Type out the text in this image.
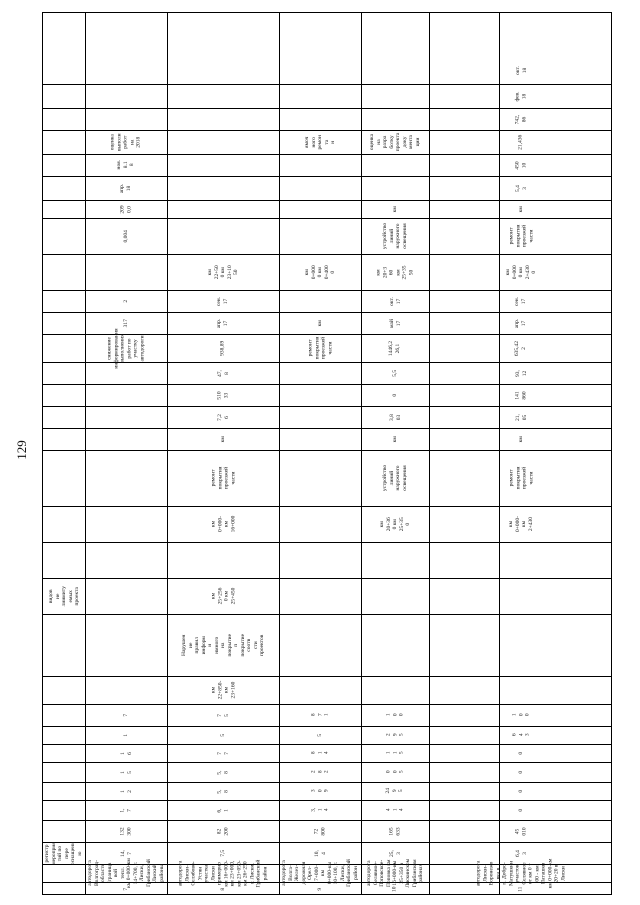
129
регистр
мероприя
тий по
пере
оснащени
ю
видов
не
лиимиту
емых
проекта
7
автодорога
Волгоград-
область
(граница
вой
тепл.
км 0+000-км
14+700, г.
Лиски,
Грибанский
Лиский
районы
14,
7
132
300
1,
7
1
2
1
5
1
6
1
7
снижение
информирования
выполнения
работ по
участку
автодороги
317
2
0,004
209
0,0
апр.
18
ноя.
8.1
8
оценка
выполн
работ
на
2018
8
автодорога
Лиски-
Селябово-
Устян
участка
Лиски
примерно
км 16+000-
км 23+000,
км 23+050-
км 26+250
г. Лиски,
Грибанский
район
7,5
82
200
6,
1
5,
8
5,
8
7
7
5
7
5
км
22+850-
км
23+160
Нарушен
ие
правил
информ
и
нмного
на
покрытие
п
покрытие
соотв
сти
проектов
км
25+256
0 км
25+450
км
0+000-
км
16+000
ремонт
покрытия
проезжей
части
км
7,2
6
510
33
47,
8
938,89
апр.
17
сен.
17
км
22+50
0 км
23+10
50
9
автодорога
Волга-
Желез-
дорожная
Орел-
7+000-
км
0+000-км
10+100, г.
Лиски,
Грибанский
район
10,
4
72
800
3,
1
4
3
0
9
2
8
2
8
1
4
5
8
7
1
ремонт
покрытия
проезжей
части
км
км
0+000
0 км
0+400
0
ямоч
ного
ремон
та
н
10
автодорога
Селявное-
Поповское-
Поповка км
16+000-км
25+350 в
Лискинском
Грибанском
районах
25,
3
165
633
4
1
4
24
9
5
0
0
5
1
1
5
2
9
5
1
0
0
км
20+36
0 км
25+35
0
устройство
линий
наружного
освещения
км
3,8
03
0
5,5
1446,2
26,1
май
17
окт.
17
км
20+3
60
км
25+35
50
устройство
линий
наружного
освещения
км
оценка
на
разра
ботку
проекта
доку
мента
ции
11
автодорога
Лиски-
Воронежо
вка в
п. Добро-
Матушкин
участок
Селявное
от км 0 +
00 - км
Паташки
км 0+000-км
20+20 в
Лиски
6,4
3
45
010
0
0
0
0
6
4
3
1
0
0
км
0+000-
км
2+430
ремонт
покрытия
проезжей
части
км
21,
05
141
860
93,
12
635,42
2
апр.
17
сен.
17
км
0+000
0 км
2+430
0
ремонт
покрытия
проезжей
части
км
5,4
3
450
10
21,436
742,
86
фев.
18
окт.
18
